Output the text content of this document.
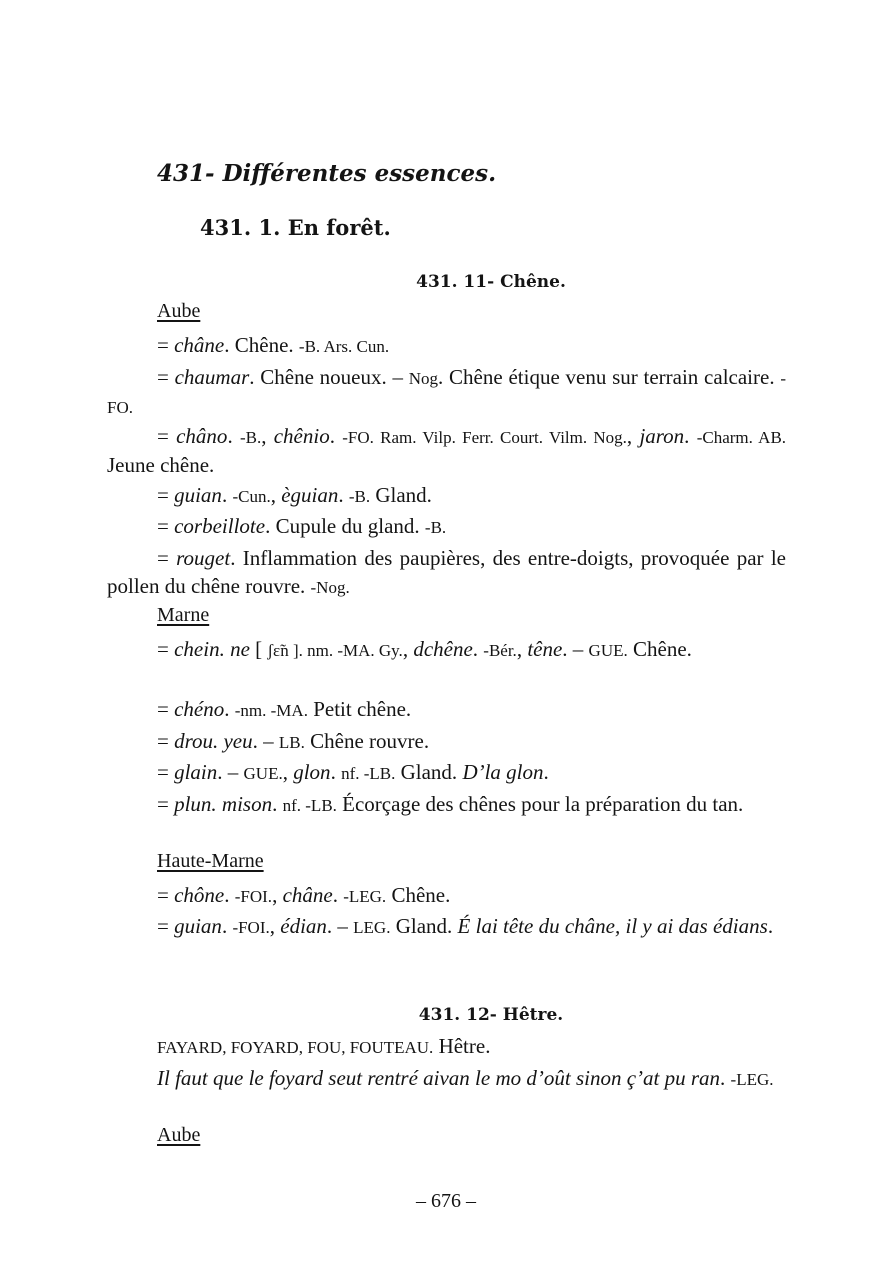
431- Différentes essences.
431. 1. En forêt.
431. 11- Chêne.
Aube
= châne. Chêne. -B. Ars. Cun.
= chaumar. Chêne noueux. – Nog. Chêne étique venu sur terrain calcaire. -FO.
= châno. -B., chênio. -FO. Ram. Vilp. Ferr. Court. Vilm. Nog., jaron. -Charm. AB. Jeune chêne.
= guian. -Cun., èguian. -B. Gland.
= corbeillote. Cupule du gland. -B.
= rouget. Inflammation des paupières, des entre-doigts, provoquée par le pollen du chêne rouvre. -Nog.
Marne
= chein. ne [ ʃɛ̃n ]. nm. -MA. Gy., dchêne. -Bér., têne. – GUE. Chêne.
= chéno. -nm. -MA. Petit chêne.
= drou. yeu. – LB. Chêne rouvre.
= glain. – GUE., glon. nf. -LB. Gland. D’la glon.
= plun. mison. nf. -LB. Écorçage des chênes pour la préparation du tan.
Haute-Marne
= chône. -FOI., châne. -LEG. Chêne.
= guian. -FOI., édian. – LEG. Gland. É lai tête du châne, il y ai das édians.
431. 12- Hêtre.
FAYARD, FOYARD, FOU, FOUTEAU. Hêtre.
Il faut que le foyard seut rentré aivan le mo d’oût sinon ç’at pu ran. -LEG.
Aube
– 676 –
